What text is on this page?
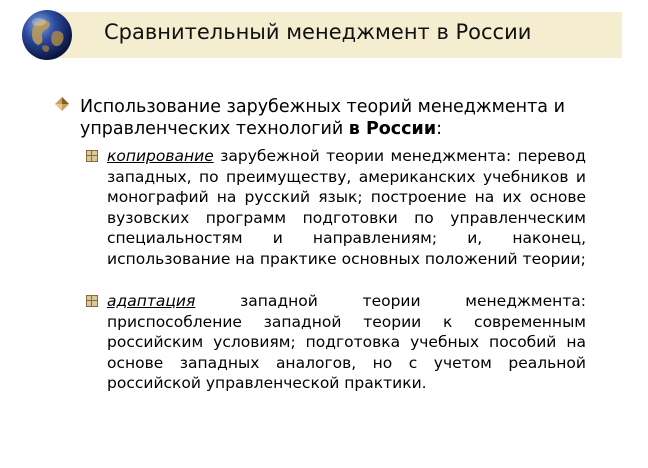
Сравнительный менеджмент в России
Использование зарубежных теорий менеджмента и управленческих технологий в России:
копирование зарубежной теории менеджмента: перевод западных, по преимуществу, американских учебников и монографий на русский язык; построение на их основе вузовских программ подготовки по управленческим специальностям и направлениям; и, наконец, использование на практике основных положений теории;
адаптация западной теории менеджмента: приспособление западной теории к современным российским условиям; подготовка учебных пособий на основе западных аналогов, но с учетом реальной российской управленческой практики.
